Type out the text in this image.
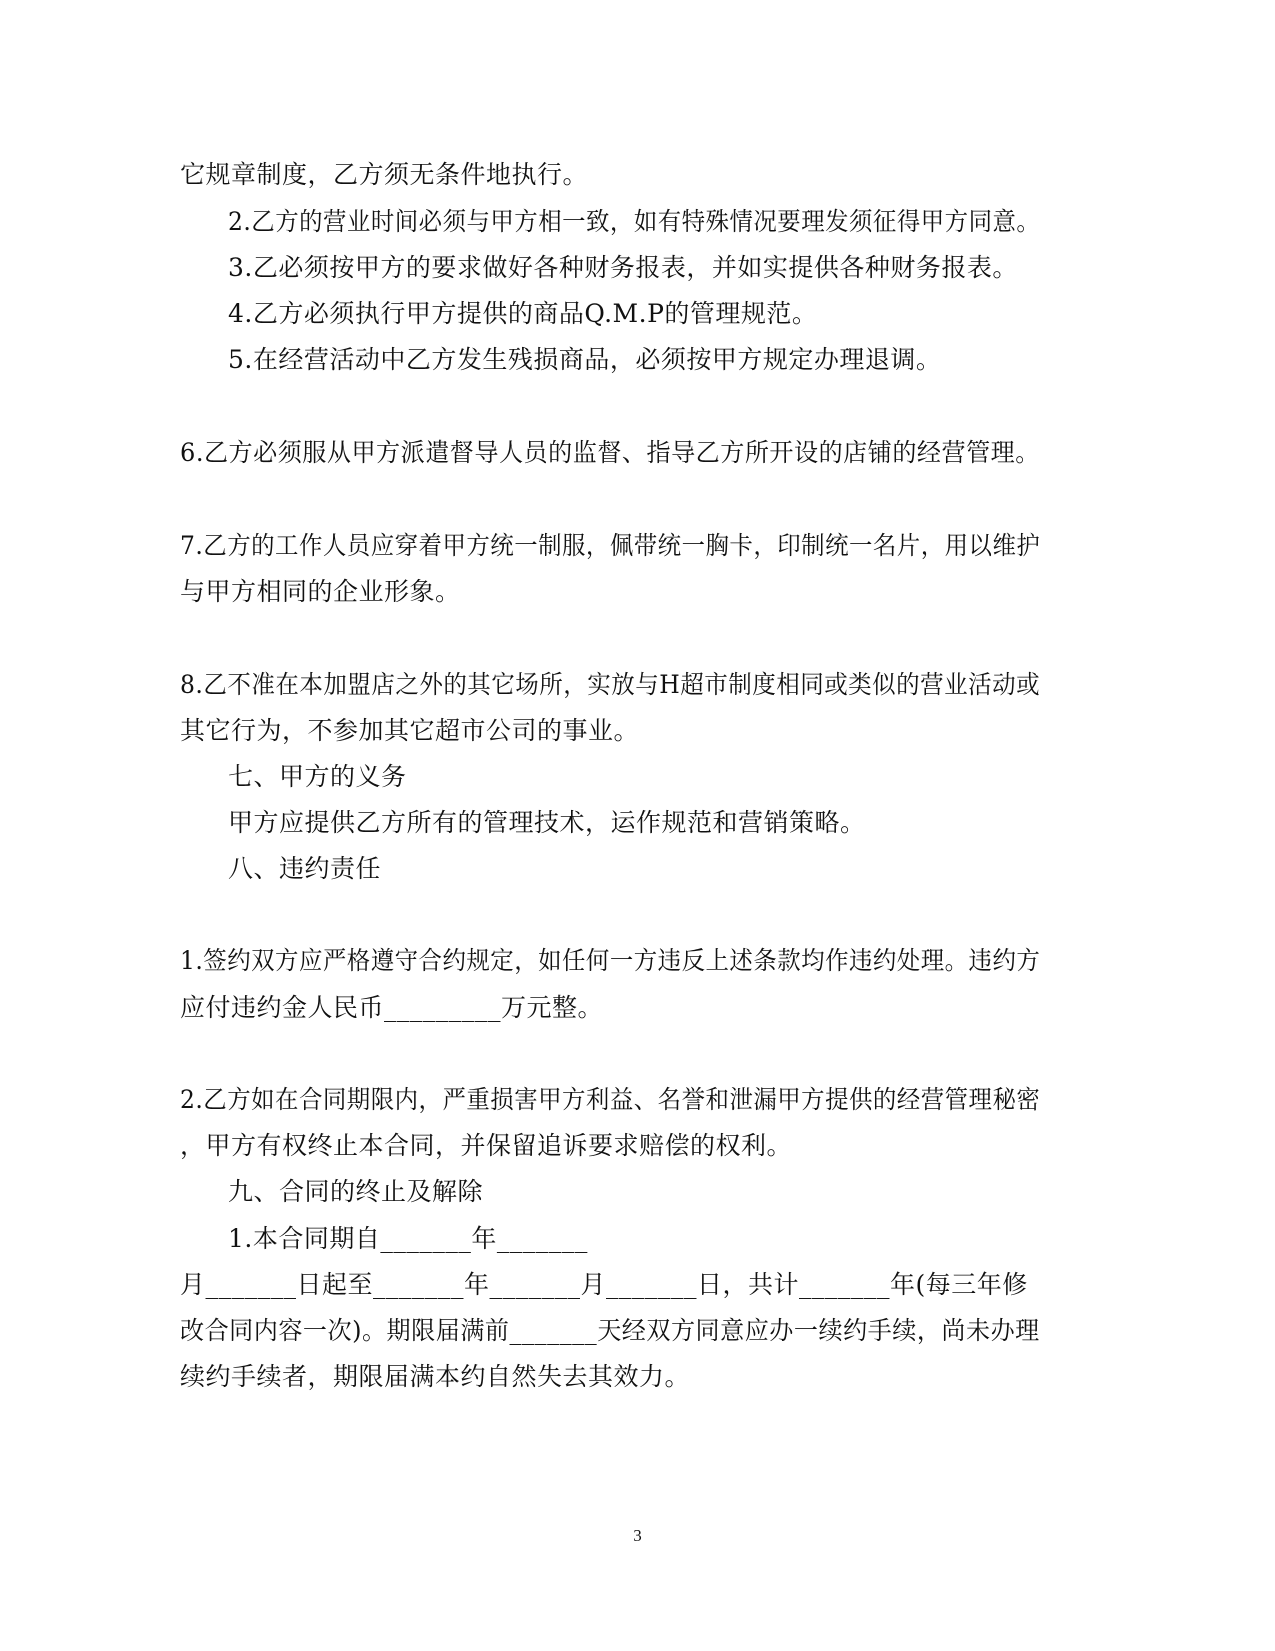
它规章制度，乙方须无条件地执行。
2.乙方的营业时间必须与甲方相一致，如有特殊情况要理发须征得甲方同意。
3.乙必须按甲方的要求做好各种财务报表，并如实提供各种财务报表。
4.乙方必须执行甲方提供的商品Q.M.P的管理规范。
5.在经营活动中乙方发生残损商品，必须按甲方规定办理退调。
6.乙方必须服从甲方派遣督导人员的监督、指导乙方所开设的店铺的经营管理。
7.乙方的工作人员应穿着甲方统一制服，佩带统一胸卡，印制统一名片，用以维护
与甲方相同的企业形象。
8.乙不准在本加盟店之外的其它场所，实放与H超市制度相同或类似的营业活动或
其它行为，不参加其它超市公司的事业。
七、甲方的义务
甲方应提供乙方所有的管理技术，运作规范和营销策略。
八、违约责任
1.签约双方应严格遵守合约规定，如任何一方违反上述条款均作违约处理。违约方
应付违约金人民币_________万元整。
2.乙方如在合同期限内，严重损害甲方利益、名誉和泄漏甲方提供的经营管理秘密
，甲方有权终止本合同，并保留追诉要求赔偿的权利。
九、合同的终止及解除
1.本合同期自_______年_______
月_______日起至_______年_______月_______日，共计_______年(每三年修
改合同内容一次)。期限届满前_______天经双方同意应办一续约手续，尚未办理
续约手续者，期限届满本约自然失去其效力。
3
